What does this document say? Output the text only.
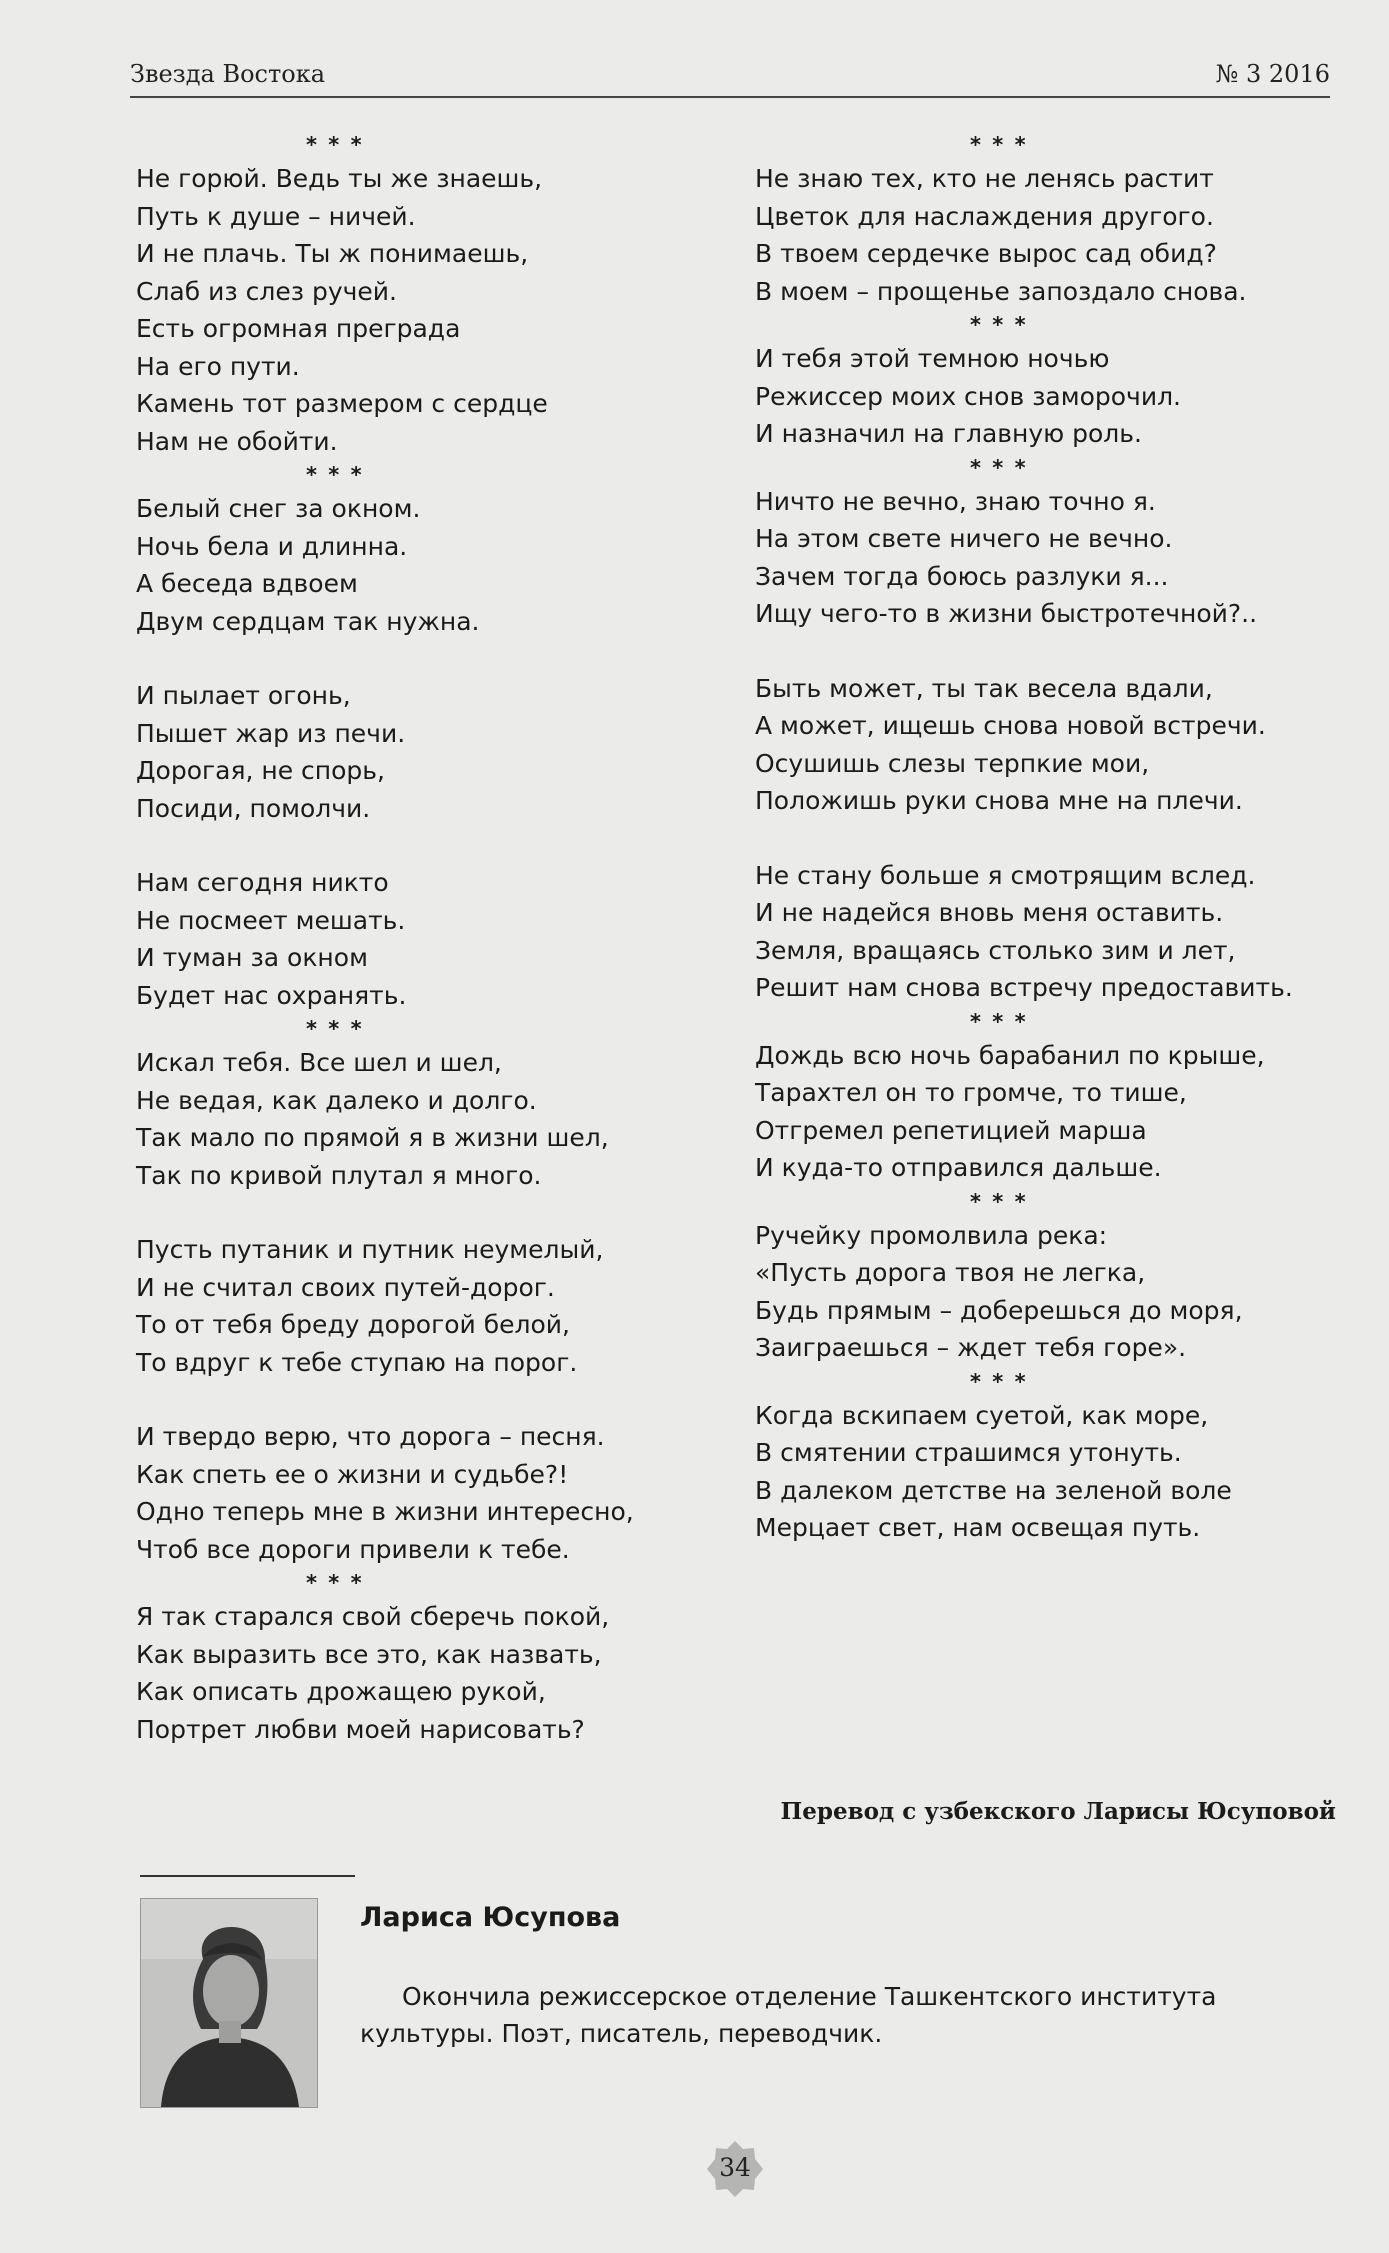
Звезда Востока	№ 3 2016
* * *
Не горюй. Ведь ты же знаешь,
Путь к душе – ничей.
И не плачь. Ты ж понимаешь,
Слаб из слез ручей.
Есть огромная преграда
На его пути.
Камень тот размером с сердце
Нам не обойти.
* * *
Белый снег за окном.
Ночь бела и длинна.
А беседа вдвоем
Двум сердцам так нужна.
И пылает огонь,
Пышет жар из печи.
Дорогая, не спорь,
Посиди, помолчи.
Нам сегодня никто
Не посмеет мешать.
И туман за окном
Будет нас охранять.
* * *
Искал тебя. Все шел и шел,
Не ведая, как далеко и долго.
Так мало по прямой я в жизни шел,
Так по кривой плутал я много.
Пусть путаник и путник неумелый,
И не считал своих путей-дорог.
То от тебя бреду дорогой белой,
То вдруг к тебе ступаю на порог.
И твердо верю, что дорога – песня.
Как спеть ее о жизни и судьбе?!
Одно теперь мне в жизни интересно,
Чтоб все дороги привели к тебе.
* * *
Я так старался свой сберечь покой,
Как выразить все это, как назвать,
Как описать дрожащею рукой,
Портрет любви моей нарисовать?
* * *
Не знаю тех, кто не ленясь растит
Цветок для наслаждения другого.
В твоем сердечке вырос сад обид?
В моем – прощенье запоздало снова.
* * *
И тебя этой темною ночью
Режиссер моих снов заморочил.
И назначил на главную роль.
* * *
Ничто не вечно, знаю точно я.
На этом свете ничего не вечно.
Зачем тогда боюсь разлуки я...
Ищу чего-то в жизни быстротечной?..
Быть может, ты так весела вдали,
А может, ищешь снова новой встречи.
Осушишь слезы терпкие мои,
Положишь руки снова мне на плечи.
Не стану больше я смотрящим вслед.
И не надейся вновь меня оставить.
Земля, вращаясь столько зим и лет,
Решит нам снова встречу предоставить.
* * *
Дождь всю ночь барабанил по крыше,
Тарахтел он то громче, то тише,
Отгремел репетицией марша
И куда-то отправился дальше.
* * *
Ручейку промолвила река:
«Пусть дорога твоя не легка,
Будь прямым – доберешься до моря,
Заиграешься – ждет тебя горе».
* * *
Когда вскипаем суетой, как море,
В смятении страшимся утонуть.
В далеком детстве на зеленой воле
Мерцает свет, нам освещая путь.
Перевод с узбекского Ларисы Юсуповой
Лариса Юсупова
Окончила режиссерское отделение Ташкентского института культуры. Поэт, писатель, переводчик.
34
